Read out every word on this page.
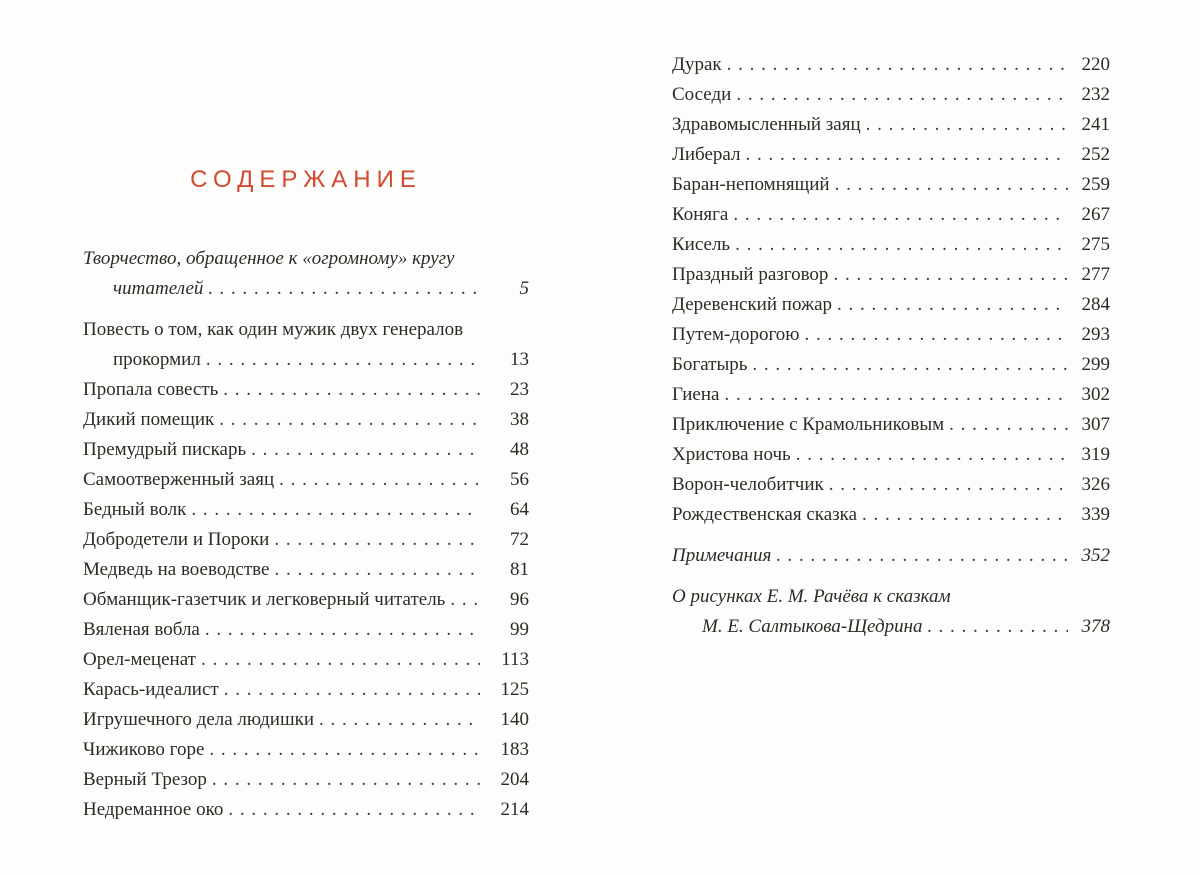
СОДЕРЖАНИЕ
Творчество, обращенное к «огромному» кругу
читателей . . .	5
Повесть о том, как один мужик двух генералов
прокормил . . .	13
Пропала совесть . . .	23
Дикий помещик . . .	38
Премудрый пискарь . . .	48
Самоотверженный заяц . . .	56
Бедный волк . . .	64
Добродетели и Пороки . . .	72
Медведь на воеводстве . . .	81
Обманщик-газетчик и легковерный читатель . . .	96
Вяленая вобла . . .	99
Орел-меценат . . .	113
Карась-идеалист . . .	125
Игрушечного дела людишки . . .	140
Чижиково горе . . .	183
Верный Трезор . . .	204
Недреманное око . . .	214
Дурак . . .	220
Соседи . . .	232
Здравомысленный заяц . . .	241
Либерал . . .	252
Баран-непомнящий . . .	259
Коняга . . .	267
Кисель . . .	275
Праздный разговор . . .	277
Деревенский пожар . . .	284
Путем-дорогою . . .	293
Богатырь . . .	299
Гиена . . .	302
Приключение с Крамольниковым . . .	307
Христова ночь . . .	319
Ворон-челобитчик . . .	326
Рождественская сказка . . .	339
Примечания . . .	352
О рисунках Е. М. Рачёва к сказкам
М. Е. Салтыкова-Щедрина . . .	378
